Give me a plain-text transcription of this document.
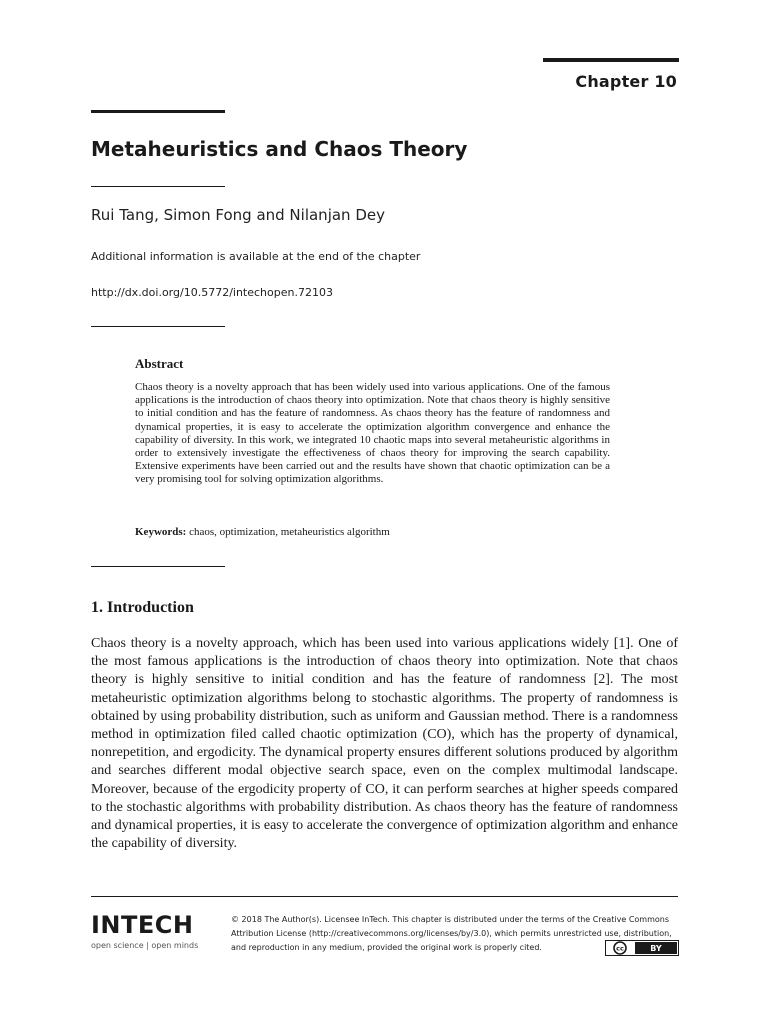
Chapter 10
Metaheuristics and Chaos Theory
Rui Tang, Simon Fong and Nilanjan Dey
Additional information is available at the end of the chapter
http://dx.doi.org/10.5772/intechopen.72103
Abstract

Chaos theory is a novelty approach that has been widely used into various applications. One of the famous applications is the introduction of chaos theory into optimization. Note that chaos theory is highly sensitive to initial condition and has the feature of randomness. As chaos theory has the feature of randomness and dynamical properties, it is easy to accelerate the optimization algorithm convergence and enhance the capability of diversity. In this work, we integrated 10 chaotic maps into several metaheuristic algorithms in order to extensively investigate the effectiveness of chaos theory for improving the search capability. Extensive experiments have been carried out and the results have shown that chaotic optimization can be a very promising tool for solving optimization algorithms.

Keywords: chaos, optimization, metaheuristics algorithm
1. Introduction

Chaos theory is a novelty approach, which has been used into various applications widely [1]. One of the most famous applications is the introduction of chaos theory into optimization. Note that chaos theory is highly sensitive to initial condition and has the feature of randomness [2]. The most metaheuristic optimization algorithms belong to stochastic algorithms. The property of randomness is obtained by using probability distribution, such as uniform and Gaussian method. There is a randomness method in optimization filed called chaotic optimization (CO), which has the property of dynamical, nonrepetition, and ergodicity. The dynamical property ensures different solutions produced by algorithm and searches different modal objective search space, even on the complex multimodal landscape. Moreover, because of the ergodicity property of CO, it can perform searches at higher speeds compared to the stochastic algorithms with probability distribution. As chaos theory has the feature of randomness and dynamical properties, it is easy to accelerate the convergence of optimization algorithm and enhance the capability of diversity.

INTECH
open science | open minds

© 2018 The Author(s). Licensee InTech. This chapter is distributed under the terms of the Creative Commons Attribution License (http://creativecommons.org/licenses/by/3.0), which permits unrestricted use, distribution, and reproduction in any medium, provided the original work is properly cited.	cc	BY
